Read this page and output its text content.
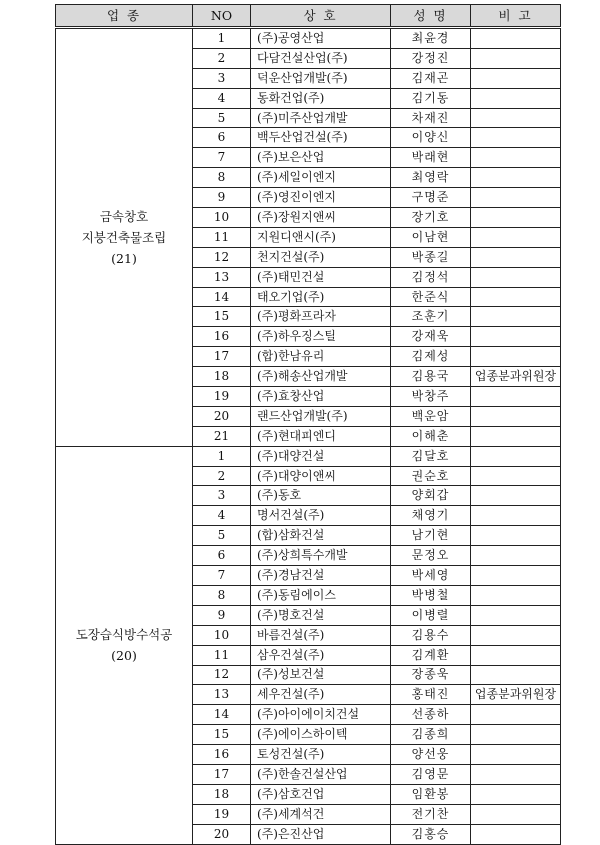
업 종	NO	상 호	성 명	비 고

금속창호
지붕건축물조립
(21)	1	(주)공영산업	최윤경	
	2	다담건설산업(주)	강정진	
	3	덕운산업개발(주)	김재곤	
	4	동화건업(주)	김기동	
	5	(주)미주산업개발	차재진	
	6	백두산업건설(주)	이양신	
	7	(주)보은산업	박래현	
	8	(주)세일이엔지	최영락	
	9	(주)영진이엔지	구명준	
	10	(주)장원지앤씨	장기호	
	11	지원디앤시(주)	이남현	
	12	천지건설(주)	박종길	
	13	(주)태민건설	김정석	
	14	태오기업(주)	한준식	
	15	(주)평화프라자	조훈기	
	16	(주)하우징스틸	강재욱	
	17	(합)한남유리	김제성	
	18	(주)해송산업개발	김용국	업종분과위원장
	19	(주)효창산업	박창주	
	20	랜드산업개발(주)	백운암	
	21	(주)현대피엔디	이해춘	

도장습식방수석공
(20)	1	(주)대양건설	김달호	
	2	(주)대양이앤씨	권순호	
	3	(주)동호	양회갑	
	4	명서건설(주)	채영기	
	5	(합)삼화건설	남기현	
	6	(주)상희특수개발	문정오	
	7	(주)경남건설	박세영	
	8	(주)동림에이스	박병철	
	9	(주)명호건설	이병렬	
	10	바름건설(주)	김용수	
	11	삼우건설(주)	김계환	
	12	(주)성보건설	장종욱	
	13	세우건설(주)	홍태진	업종분과위원장
	14	(주)아이에이치건설	선종하	
	15	(주)에이스하이텍	김종희	
	16	토성건설(주)	양선웅	
	17	(주)한솔건설산업	김영문	
	18	(주)삼호건업	임환봉	
	19	(주)세계석건	전기찬	
	20	(주)은진산업	김홍승	
